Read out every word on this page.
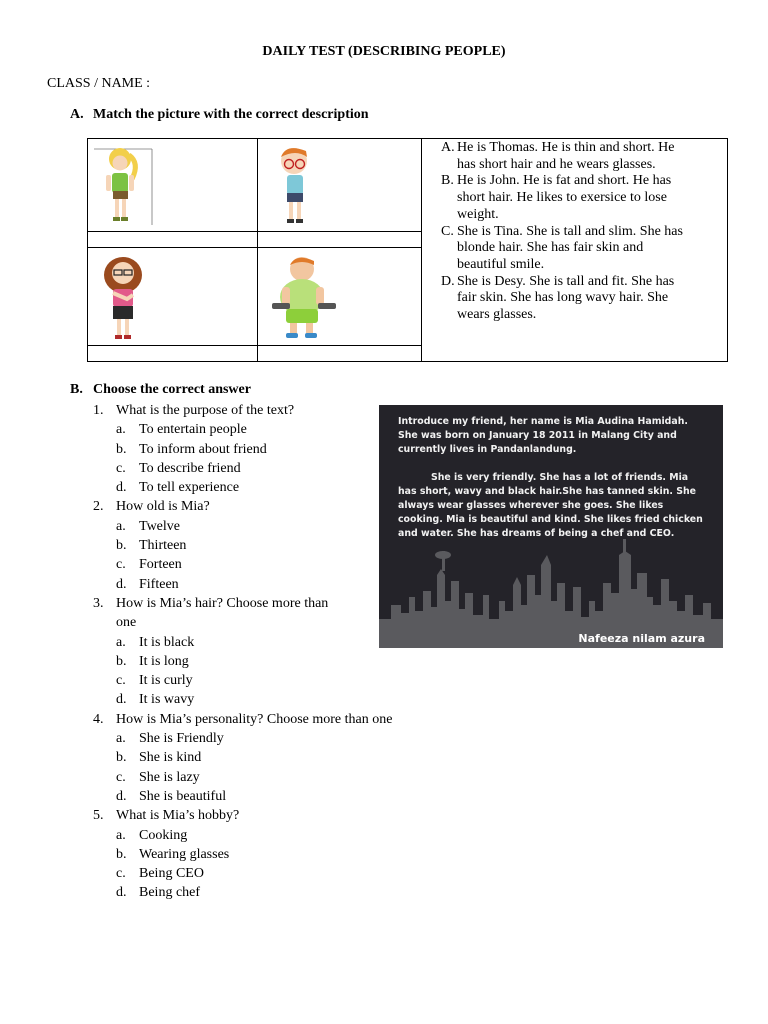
DAILY TEST (DESCRIBING PEOPLE)
CLASS / NAME :
A. Match the picture with the correct description
A. He is Thomas. He is thin and short. He
has short hair and he wears glasses.
B. He is John. He is fat and short. He has
short hair. He likes to exersice to lose
weight.
C. She is Tina. She is tall and slim. She has
blonde hair. She has fair skin and
beautiful smile.
D. She is Desy. She is tall and fit. She has
fair skin. She has long wavy hair. She
wears glasses.
B. Choose the correct answer
1. What is the purpose of the text?
a. To entertain people
b. To inform about friend
c. To describe friend
d. To tell experience
2. How old is Mia?
a. Twelve
b. Thirteen
c. Forteen
d. Fifteen
3. How is Mia’s hair? Choose more than
one
a. It is black
b. It is long
c. It is curly
d. It is wavy
4. How is Mia’s personality? Choose more than one
a. She is Friendly
b. She is kind
c. She is lazy
d. She is beautiful
5. What is Mia’s hobby?
a. Cooking
b. Wearing glasses
c. Being CEO
d. Being chef

Introduce my friend, her name is Mia Audina Hamidah. She was born on January 18 2011 in Malang City and currently lives in Pandanlandung.

She is very friendly. She has a lot of friends. Mia has short, wavy and black hair.She has tanned skin. She always wear glasses wherever she goes. She likes cooking. Mia is beautiful and kind. She likes fried chicken and water. She has dreams of being a chef and CEO.

Nafeeza nilam azura
